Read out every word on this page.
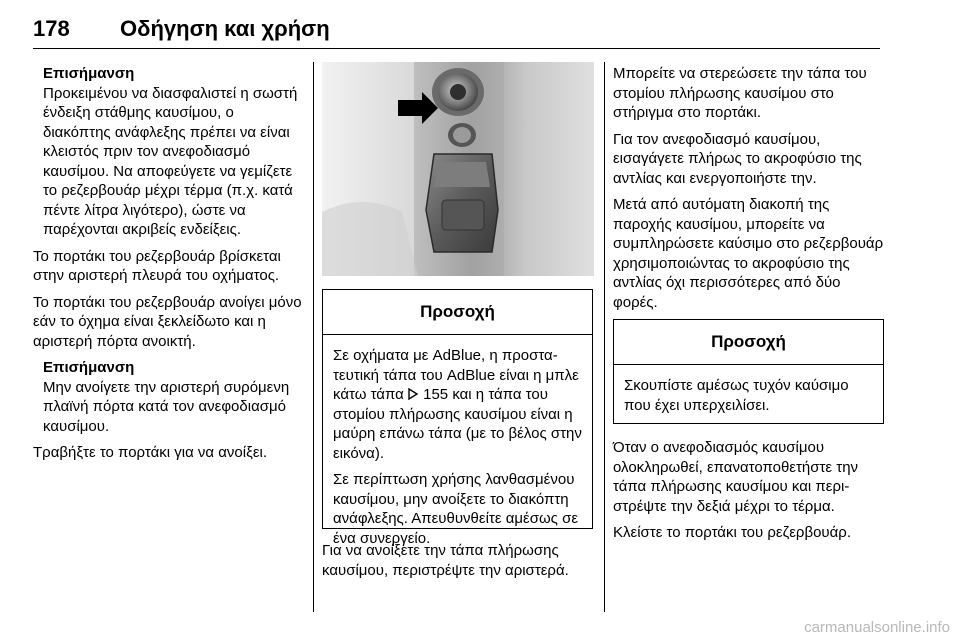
178 Οδήγηση και χρήση
Επισήμανση
Προκειμένου να διασφαλιστεί η σωστή ένδειξη στάθμης καυσίμου, ο διακόπτης ανάφλεξης πρέπει να είναι κλειστός πριν τον ανεφοδιασμό καυσίμου. Να αποφεύγετε να γεμίζετε το ρεζερβουάρ μέχρι τέρμα (π.χ. κατά πέντε λίτρα λιγότερο), ώστε να παρέχονται ακριβείς ενδείξεις.

Το πορτάκι του ρεζερβουάρ βρίσκεται στην αριστερή πλευρά του οχήματος.

Το πορτάκι του ρεζερβουάρ ανοίγει μόνο εάν το όχημα είναι ξεκλείδωτο και η αριστερή πόρτα ανοικτή.

Επισήμανση
Μην ανοίγετε την αριστερή συρόμενη πλαϊνή πόρτα κατά τον ανεφοδιασμό καυσίμου.

Τραβήξτε το πορτάκι για να ανοίξει.

Προσοχή

Σε οχήματα με AdBlue, η προστατευτική τάπα του AdBlue είναι η μπλε κάτω τάπα  155 και η τάπα του στομίου πλήρωσης καυσίμου είναι η μαύρη επάνω τάπα (με το βέλος στην εικόνα).

Σε περίπτωση χρήσης λανθασμένου καυσίμου, μην ανοίξετε το διακόπτη ανάφλεξης. Απευθυνθείτε αμέσως σε ένα συνεργείο.

Για να ανοίξετε την τάπα πλήρωσης καυσίμου, περιστρέψτε την αριστερά.

Μπορείτε να στερεώσετε την τάπα του στομίου πλήρωσης καυσίμου στο στήριγμα στο πορτάκι.

Για τον ανεφοδιασμό καυσίμου, εισαγάγετε πλήρως το ακροφύσιο της αντλίας και ενεργοποιήστε την.

Μετά από αυτόματη διακοπή της παροχής καυσίμου, μπορείτε να συμπληρώσετε καύσιμο στο ρεζερβουάρ χρησιμοποιώντας το ακροφύσιο της αντλίας όχι περισσότερες από δύο φορές.

Προσοχή
Σκουπίστε αμέσως τυχόν καύσιμο που έχει υπερχειλίσει.

Όταν ο ανεφοδιασμός καυσίμου ολοκληρωθεί, επανατοποθετήστε την τάπα πλήρωσης καυσίμου και περιστρέψτε την δεξιά μέχρι το τέρμα.

Κλείστε το πορτάκι του ρεζερβουάρ.

carmanualsonline.info
